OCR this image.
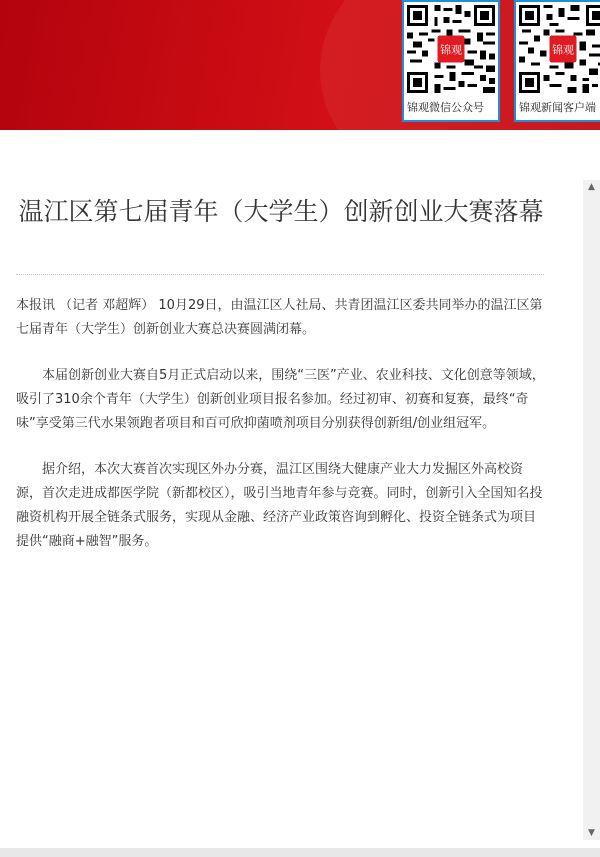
锦观
锦观微信公众号
锦观
锦观新闻客户端
温江区第七届青年（大学生）创新创业大赛落幕

本报讯 （记者 邓超辉） 10月29日，由温江区人社局、共青团温江区委共同举办的温江区第七届青年（大学生）创新创业大赛总决赛圆满闭幕。

本届创新创业大赛自5月正式启动以来，围绕“三医”产业、农业科技、文化创意等领域，吸引了310余个青年（大学生）创新创业项目报名参加。经过初审、初赛和复赛，最终“奇味”享受第三代水果领跑者项目和百可欣抑菌喷剂项目分别获得创新组/创业组冠军。

据介绍，本次大赛首次实现区外办分赛，温江区围绕大健康产业大力发掘区外高校资源，首次走进成都医学院（新都校区），吸引当地青年参与竞赛。同时，创新引入全国知名投融资机构开展全链条式服务，实现从金融、经济产业政策咨询到孵化、投资全链条式为项目提供“融商+融智”服务。

▲
▼
